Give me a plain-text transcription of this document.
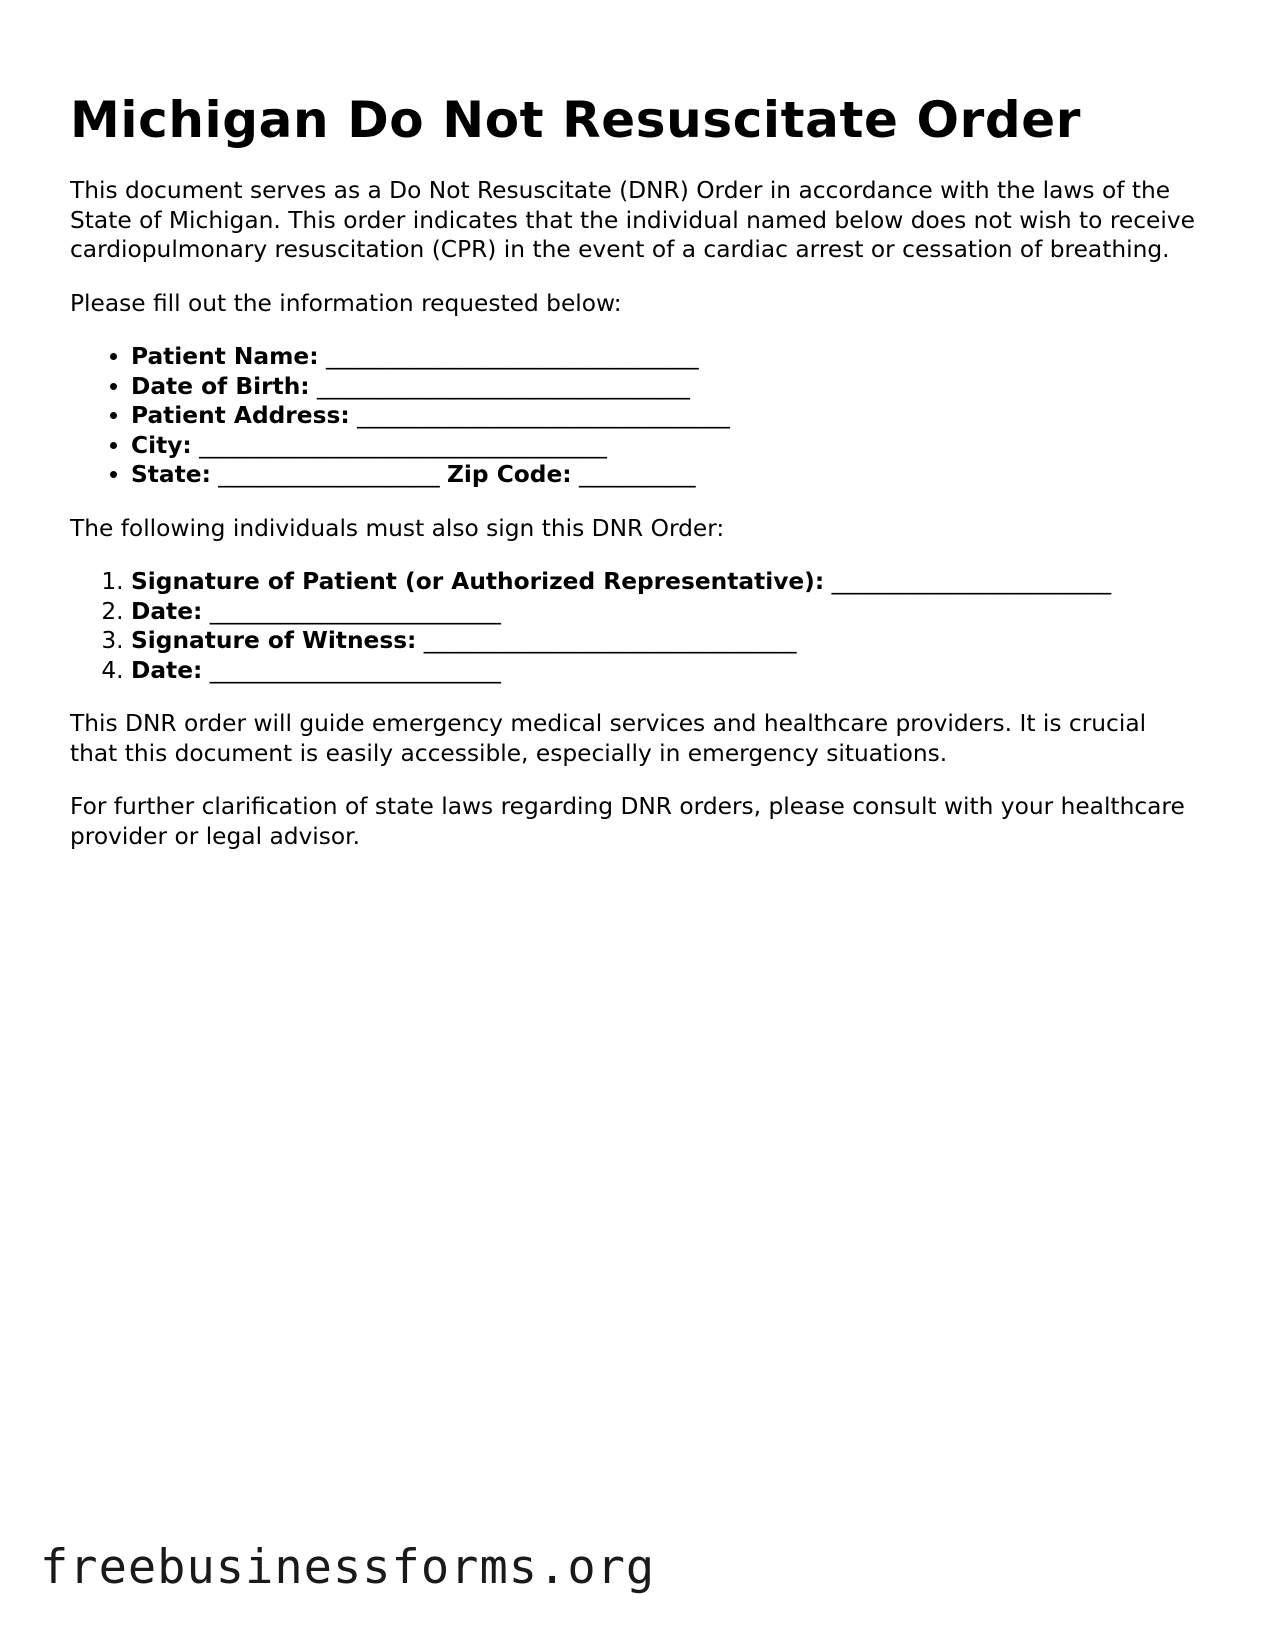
Michigan Do Not Resuscitate Order

This document serves as a Do Not Resuscitate (DNR) Order in accordance with the laws of the State of Michigan. This order indicates that the individual named below does not wish to receive cardiopulmonary resuscitation (CPR) in the event of a cardiac arrest or cessation of breathing.

Please fill out the information requested below:

• Patient Name: ________________________________
• Date of Birth: ________________________________
• Patient Address: ________________________________
• City: ___________________________________
• State: ___________________ Zip Code: __________

The following individuals must also sign this DNR Order:

1. Signature of Patient (or Authorized Representative): ________________________
2. Date: _________________________
3. Signature of Witness: ________________________________
4. Date: _________________________

This DNR order will guide emergency medical services and healthcare providers. It is crucial that this document is easily accessible, especially in emergency situations.

For further clarification of state laws regarding DNR orders, please consult with your healthcare provider or legal advisor.

freebusinessforms.org
